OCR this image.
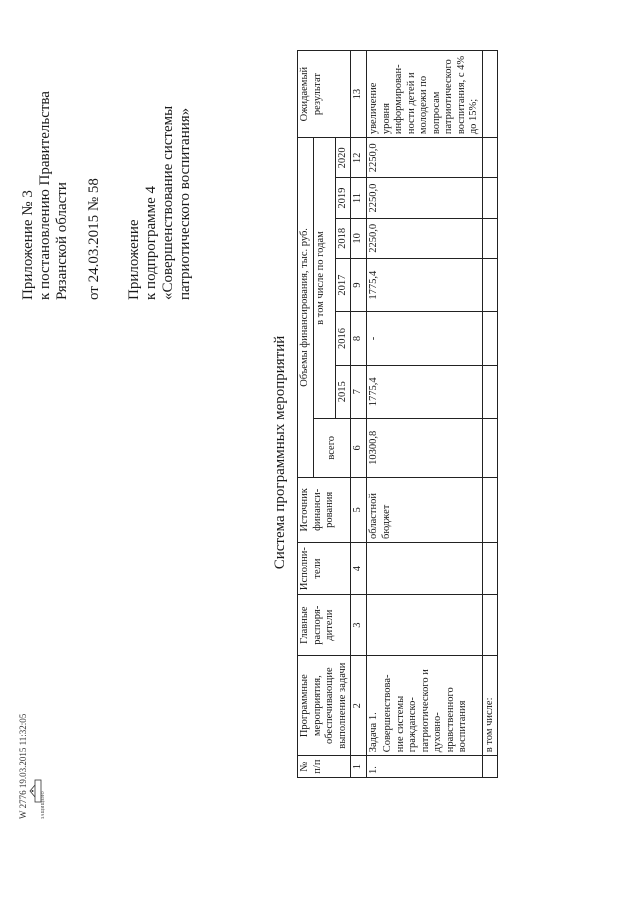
Приложение № 3 к постановлению Правительства Рязанской области от 24.03.2015 № 58 Приложение к подпрограмме 4 «Совершенствование системы патриотического воспитания»
Система программных мероприятий
№ п/п	Программные мероприятия, обеспечивающие выполнение задачи	Главные распоря-дители	Исполни-тели	Источник финанси-рования	Объемы финансирования, тыс. руб.							Ожидаемый результат
					всего	в том числе по годам						
						2015	2016	2017	2018	2019	2020	
1	2	3	4	5	6	7	8	9	10	11	12	13
1.	Задача 1.			областной бюджет	10300,8	1775,4	-	1775,4	2250,0	2250,0	2250,0	увеличение уровня информирован-ности детей и молодежи по вопросам патриотического воспитания, с 4% до 15%;
	Совершенствова-ние системы гражданско-патриотического и духовно-нравственного воспитания											
	в том числе:											
W 2776 19.03.2015 11:32:05	ЗАЩИЩЕНО
